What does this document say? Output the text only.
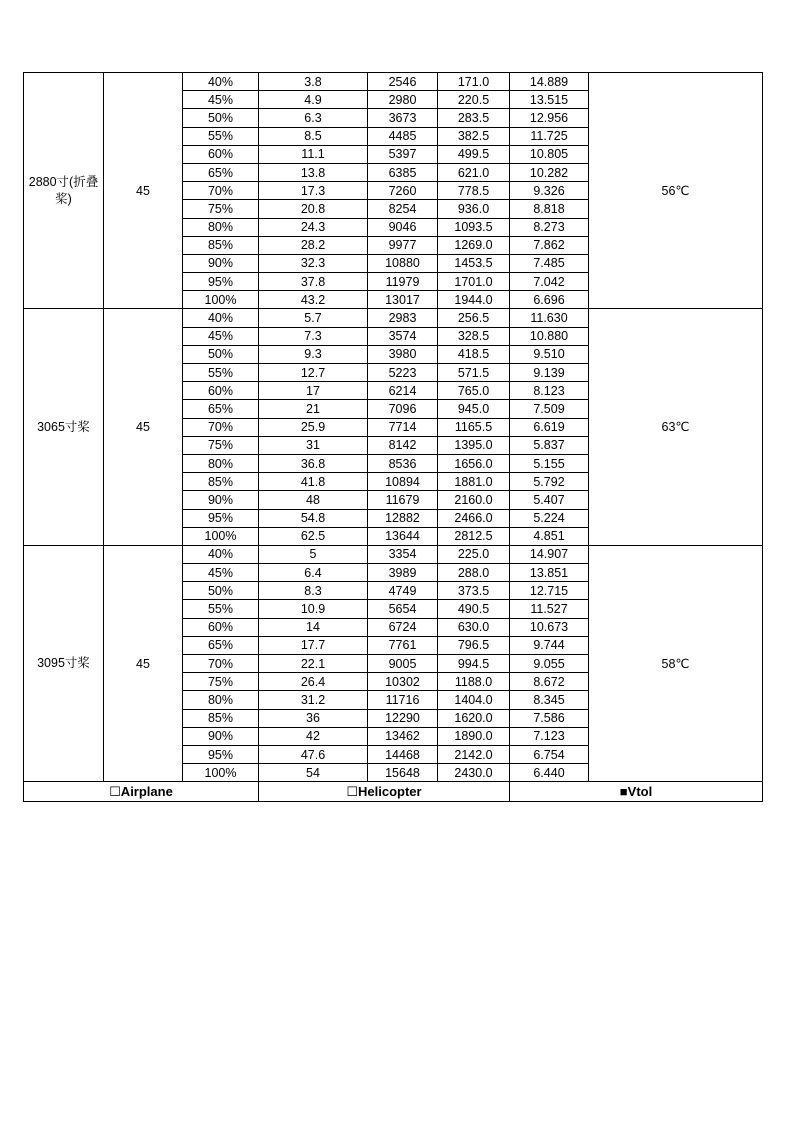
2880寸(折叠桨)	45	40%	3.8	2546	171.0	14.889	56℃
		45%	4.9	2980	220.5	13.515	
		50%	6.3	3673	283.5	12.956	
		55%	8.5	4485	382.5	11.725	
		60%	11.1	5397	499.5	10.805	
		65%	13.8	6385	621.0	10.282	
		70%	17.3	7260	778.5	9.326	
		75%	20.8	8254	936.0	8.818	
		80%	24.3	9046	1093.5	8.273	
		85%	28.2	9977	1269.0	7.862	
		90%	32.3	10880	1453.5	7.485	
		95%	37.8	11979	1701.0	7.042	
		100%	43.2	13017	1944.0	6.696	
3065寸桨	45	40%	5.7	2983	256.5	11.630	63℃
		45%	7.3	3574	328.5	10.880	
		50%	9.3	3980	418.5	9.510	
		55%	12.7	5223	571.5	9.139	
		60%	17	6214	765.0	8.123	
		65%	21	7096	945.0	7.509	
		70%	25.9	7714	1165.5	6.619	
		75%	31	8142	1395.0	5.837	
		80%	36.8	8536	1656.0	5.155	
		85%	41.8	10894	1881.0	5.792	
		90%	48	11679	2160.0	5.407	
		95%	54.8	12882	2466.0	5.224	
		100%	62.5	13644	2812.5	4.851	
3095寸桨	45	40%	5	3354	225.0	14.907	58℃
		45%	6.4	3989	288.0	13.851	
		50%	8.3	4749	373.5	12.715	
		55%	10.9	5654	490.5	11.527	
		60%	14	6724	630.0	10.673	
		65%	17.7	7761	796.5	9.744	
		70%	22.1	9005	994.5	9.055	
		75%	26.4	10302	1188.0	8.672	
		80%	31.2	11716	1404.0	8.345	
		85%	36	12290	1620.0	7.586	
		90%	42	13462	1890.0	7.123	
		95%	47.6	14468	2142.0	6.754	
		100%	54	15648	2430.0	6.440	
☐Airplane			☐Helicopter			■Vtol	
